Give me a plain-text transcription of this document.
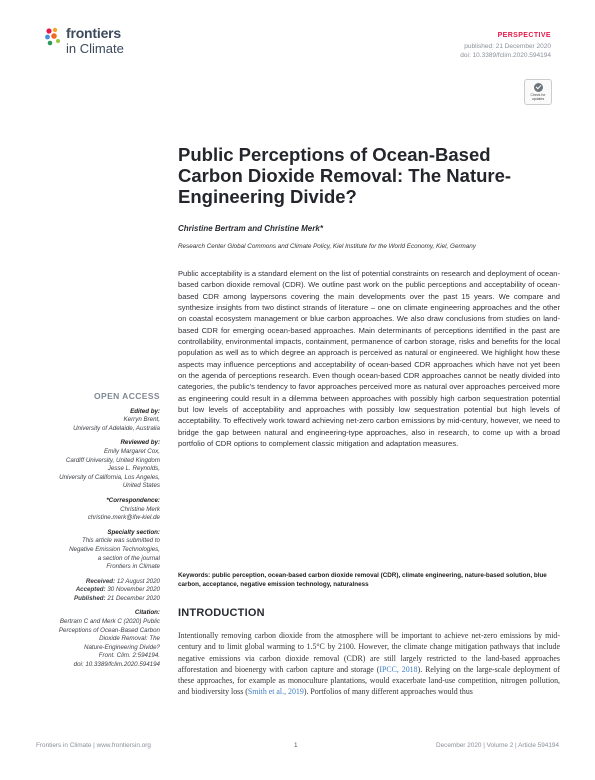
frontiers
in Climate
PERSPECTIVE
published: 21 December 2020
doi: 10.3389/fclim.2020.594194
Check for updates
Public Perceptions of Ocean-Based Carbon Dioxide Removal: The Nature-Engineering Divide?
Christine Bertram and Christine Merk*
Research Center Global Commons and Climate Policy, Kiel Institute for the World Economy, Kiel, Germany
Public acceptability is a standard element on the list of potential constraints on research and deployment of ocean-based carbon dioxide removal (CDR). We outline past work on the public perceptions and acceptability of ocean-based CDR among laypersons covering the main developments over the past 15 years. We compare and synthesize insights from two distinct strands of literature – one on climate engineering approaches and the other on coastal ecosystem management or blue carbon approaches. We also draw conclusions from studies on land-based CDR for emerging ocean-based approaches. Main determinants of perceptions identified in the past are controllability, environmental impacts, containment, permanence of carbon storage, risks and benefits for the local population as well as to which degree an approach is perceived as natural or engineered. We highlight how these aspects may influence perceptions and acceptability of ocean-based CDR approaches which have not yet been on the agenda of perceptions research. Even though ocean-based CDR approaches cannot be neatly divided into categories, the public's tendency to favor approaches perceived more as natural over approaches perceived more as engineering could result in a dilemma between approaches with possibly high carbon sequestration potential but low levels of acceptability and approaches with possibly low sequestration potential but high levels of acceptability. To effectively work toward achieving net-zero carbon emissions by mid-century, however, we need to bridge the gap between natural and engineering-type approaches, also in research, to come up with a broad portfolio of CDR options to complement classic mitigation and adaptation measures.
Keywords: public perception, ocean-based carbon dioxide removal (CDR), climate engineering, nature-based solution, blue carbon, acceptance, negative emission technology, naturalness
OPEN ACCESS
Edited by:
Kerryn Brent,
University of Adelaide, Australia
Reviewed by:
Emily Margaret Cox,
Cardiff University, United Kingdom
Jesse L. Reynolds,
University of California, Los Angeles,
United States
*Correspondence:
Christine Merk
christine.merk@ifw-kiel.de
Specialty section:
This article was submitted to
Negative Emission Technologies,
a section of the journal
Frontiers in Climate
Received: 12 August 2020
Accepted: 30 November 2020
Published: 21 December 2020
Citation:
Bertram C and Merk C (2020) Public
Perceptions of Ocean-Based Carbon
Dioxide Removal: The
Nature-Engineering Divide?
Front. Clim. 2:594194.
doi: 10.3389/fclim.2020.594194
INTRODUCTION
Intentionally removing carbon dioxide from the atmosphere will be important to achieve net-zero emissions by mid-century and to limit global warming to 1.5°C by 2100. However, the climate change mitigation pathways that include negative emissions via carbon dioxide removal (CDR) are still largely restricted to the land-based approaches afforestation and bioenergy with carbon capture and storage (IPCC, 2018). Relying on the large-scale deployment of these approaches, for example as monoculture plantations, would exacerbate land-use competition, nitrogen pollution, and biodiversity loss (Smith et al., 2019). Portfolios of many different approaches would thus
Frontiers in Climate | www.frontiersin.org	1	December 2020 | Volume 2 | Article 594194
